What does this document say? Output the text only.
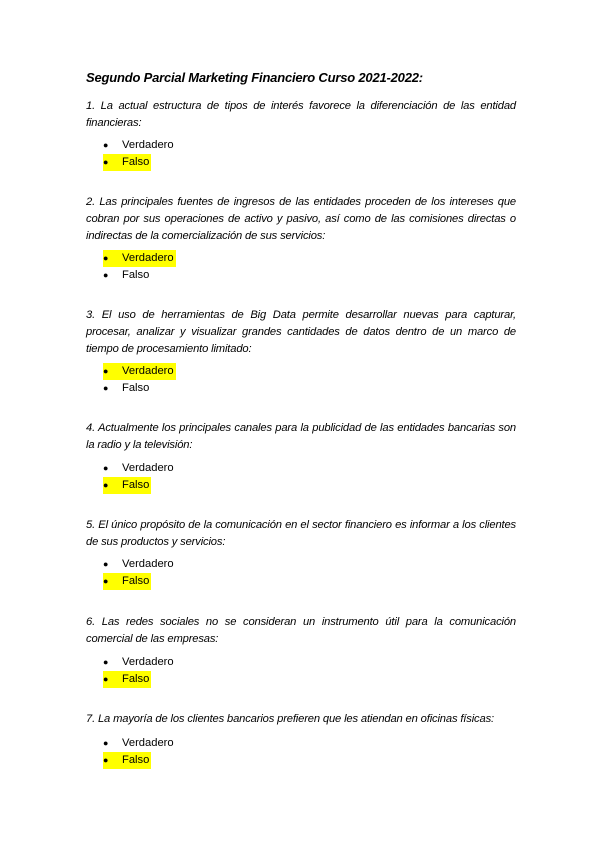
Segundo Parcial Marketing Financiero Curso 2021-2022:
1. La actual estructura de tipos de interés favorece la diferenciación de las entidad financieras:
● Verdadero
● Falso
2. Las principales fuentes de ingresos de las entidades proceden de los intereses que cobran por sus operaciones de activo y pasivo, así como de las comisiones directas o indirectas de la comercialización de sus servicios:
● Verdadero
● Falso
3. El uso de herramientas de Big Data permite desarrollar nuevas para capturar, procesar, analizar y visualizar grandes cantidades de datos dentro de un marco de tiempo de procesamiento limitado:
● Verdadero
● Falso
4. Actualmente los principales canales para la publicidad de las entidades bancarias son la radio y la televisión:
● Verdadero
● Falso
5. El único propósito de la comunicación en el sector financiero es informar a los clientes de sus productos y servicios:
● Verdadero
● Falso
6. Las redes sociales no se consideran un instrumento útil para la comunicación comercial de las empresas:
● Verdadero
● Falso
7. La mayoría de los clientes bancarios prefieren que les atiendan en oficinas físicas:
● Verdadero
● Falso
